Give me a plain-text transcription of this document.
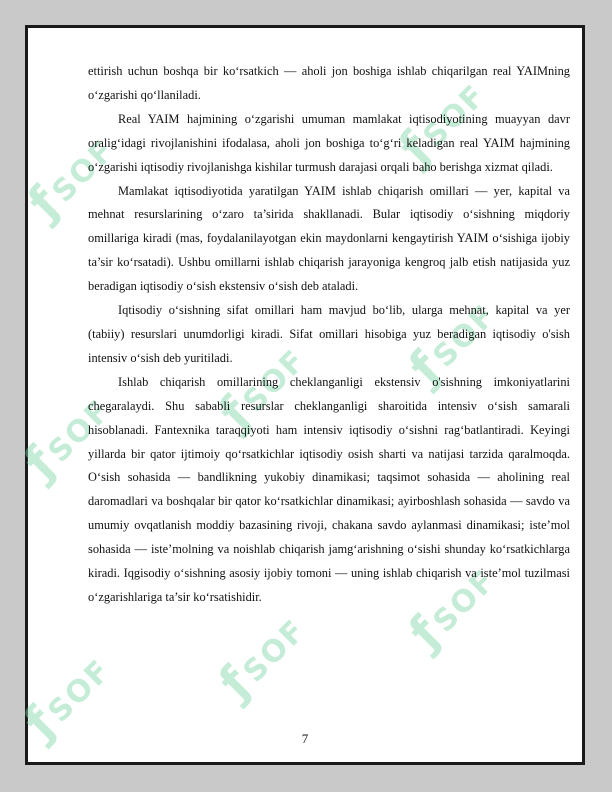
ƒSOF	ƒSOF
ƒSOF ƒSOF ƒSOF
ƒSOF ƒSOF ƒSOF

ettirish uchun boshqa bir ko‘rsatkich — aholi jon boshiga ishlab chiqarilgan real YAIMning o‘zgarishi qo‘llaniladi.

Real YAIM hajmining o‘zgarishi umuman mamlakat iqtisodiyotining muayyan davr oralig‘idagi rivojlanishini ifodalasa, aholi jon boshiga to‘g‘ri keladigan real YAIM hajmining o‘zgarishi iqtisodiy rivojlanishga kishilar turmush darajasi orqali baho berishga xizmat qiladi.

Mamlakat iqtisodiyotida yaratilgan YAIM ishlab chiqarish omillari — yer, kapital va mehnat resurslarining o‘zaro ta’sirida shakllanadi. Bular iqtisodiy o‘sishning miqdoriy omillariga kiradi (mas, foydalanilayotgan ekin maydonlarni kengaytirish YAIM o‘sishiga ijobiy ta’sir ko‘rsatadi). Ushbu omillarni ishlab chiqarish jarayoniga kengroq jalb etish natijasida yuz beradigan iqtisodiy o‘sish ekstensiv o‘sish deb ataladi.

Iqtisodiy o‘sishning sifat omillari ham mavjud bo‘lib, ularga mehnat, kapital va yer (tabiiy) resurslari unumdorligi kiradi. Sifat omillari hisobiga yuz beradigan iqtisodiy o'sish intensiv o‘sish deb yuritiladi.

Ishlab chiqarish omillarining cheklanganligi ekstensiv o'sishning imkoniyatlarini chegaralaydi. Shu sababli resurslar cheklanganligi sharoitida intensiv o‘sish samarali hisoblanadi. Fantexnika taraqqiyoti ham intensiv iqtisodiy o‘sishni rag‘batlantiradi. Keyingi yillarda bir qator ijtimoiy qo‘rsatkichlar iqtisodiy osish sharti va natijasi tarzida qaralmoqda. O‘sish sohasida — bandlikning yukobiy dinamikasi; taqsimot sohasida — aholining real daromadlari va boshqalar bir qator ko‘rsatkichlar dinamikasi; ayirboshlash sohasida — savdo va umumiy ovqatlanish moddiy bazasining rivoji, chakana savdo aylanmasi dinamikasi; iste’mol sohasida — iste’molning va noishlab chiqarish jamg‘arishning o‘sishi shunday ko‘rsatkichlarga kiradi. Iqgisodiy o‘sishning asosiy ijobiy tomoni — uning ishlab chiqarish va iste’mol tuzilmasi o‘zgarishlariga ta’sir ko‘rsatishidir.

7
